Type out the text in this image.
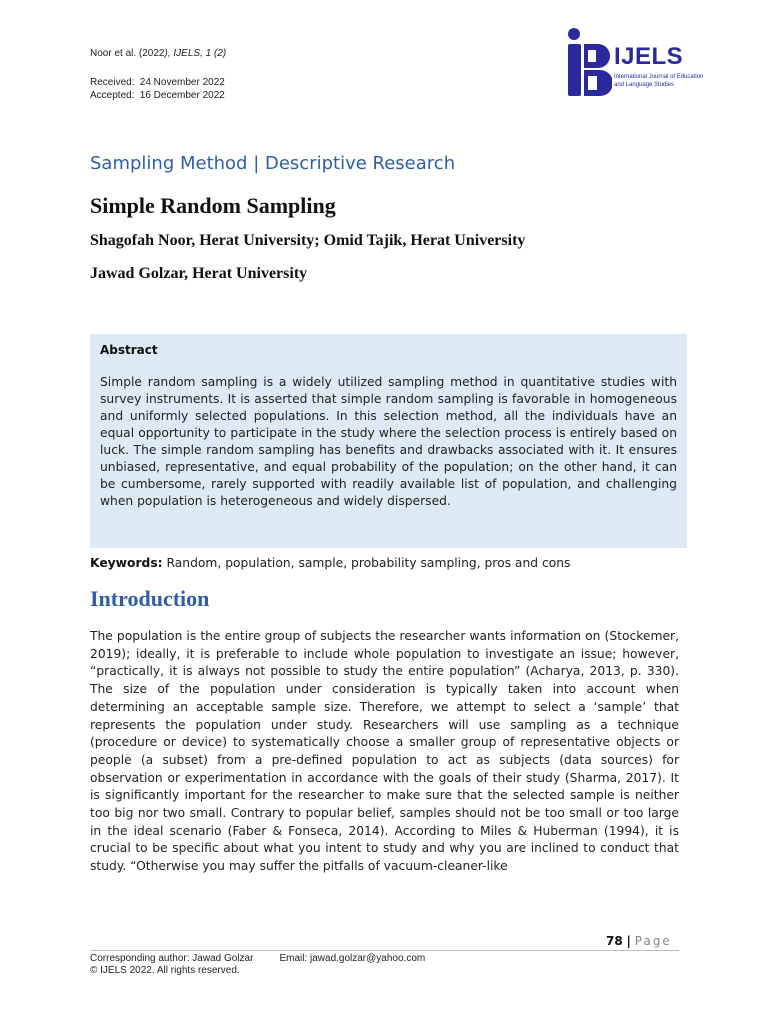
Noor et al. (2022), IJELS, 1 (2)
Received: 24 November 2022
Accepted: 16 December 2022
IJELS
International Journal of Education and Language Studies
Sampling Method | Descriptive Research
Simple Random Sampling
Shagofah Noor, Herat University; Omid Tajik, Herat University
Jawad Golzar, Herat University
Abstract
Simple random sampling is a widely utilized sampling method in quantitative studies with survey instruments. It is asserted that simple random sampling is favorable in homogeneous and uniformly selected populations. In this selection method, all the individuals have an equal opportunity to participate in the study where the selection process is entirely based on luck. The simple random sampling has benefits and drawbacks associated with it. It ensures unbiased, representative, and equal probability of the population; on the other hand, it can be cumbersome, rarely supported with readily available list of population, and challenging when population is heterogeneous and widely dispersed.
Keywords: Random, population, sample, probability sampling, pros and cons
Introduction
The population is the entire group of subjects the researcher wants information on (Stockemer, 2019); ideally, it is preferable to include whole population to investigate an issue; however, “practically, it is always not possible to study the entire population” (Acharya, 2013, p. 330). The size of the population under consideration is typically taken into account when determining an acceptable sample size. Therefore, we attempt to select a ‘sample’ that represents the population under study. Researchers will use sampling as a technique (procedure or device) to systematically choose a smaller group of representative objects or people (a subset) from a pre-defined population to act as subjects (data sources) for observation or experimentation in accordance with the goals of their study (Sharma, 2017). It is significantly important for the researcher to make sure that the selected sample is neither too big nor two small. Contrary to popular belief, samples should not be too small or too large in the ideal scenario (Faber & Fonseca, 2014). According to Miles & Huberman (1994), it is crucial to be specific about what you intent to study and why you are inclined to conduct that study. “Otherwise you may suffer the pitfalls of vacuum-cleaner-like
78 | Page
Corresponding author: Jawad Golzar	Email: jawad.golzar@yahoo.com
© IJELS 2022. All rights reserved.
